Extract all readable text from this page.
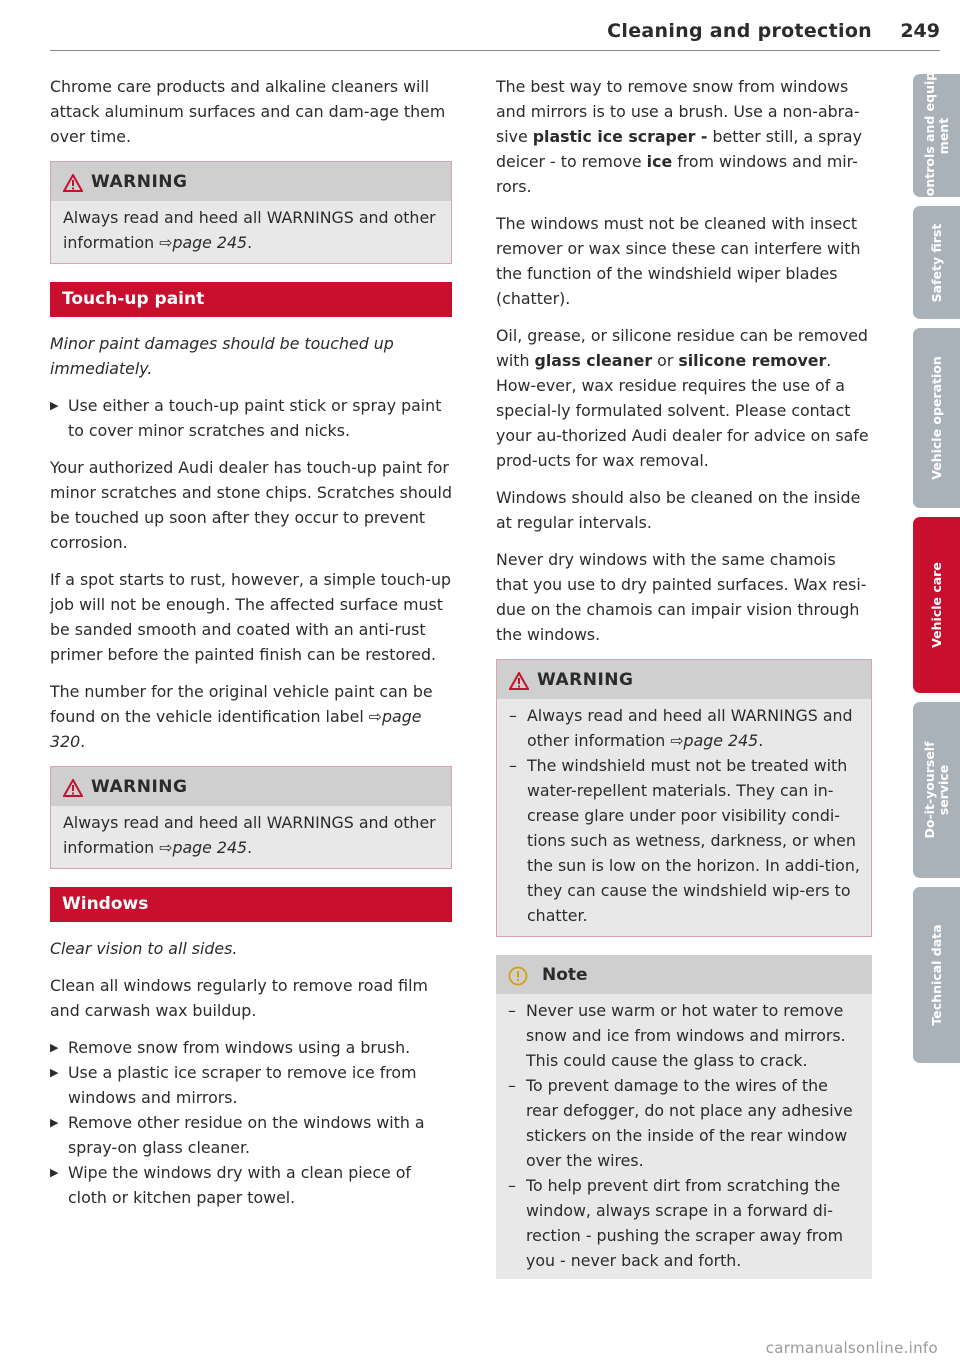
Cleaning and protection 249

Chrome care products and alkaline cleaners will attack aluminum surfaces and can dam-age them over time.

WARNING
Always read and heed all WARNINGS and other information ⇨page 245.
Touch-up paint

Minor paint damages should be touched up immediately.

▶ Use either a touch-up paint stick or spray paint to cover minor scratches and nicks.

Your authorized Audi dealer has touch-up paint for minor scratches and stone chips. Scratches should be touched up soon after they occur to prevent corrosion.

If a spot starts to rust, however, a simple touch-up job will not be enough. The affected surface must be sanded smooth and coated with an anti-rust primer before the painted finish can be restored.

The number for the original vehicle paint can be found on the vehicle identification label ⇨page 320.

WARNING
Always read and heed all WARNINGS and other information ⇨page 245.
Windows

Clear vision to all sides.

Clean all windows regularly to remove road film and carwash wax buildup.

▶ Remove snow from windows using a brush.
▶ Use a plastic ice scraper to remove ice from windows and mirrors.
▶ Remove other residue on the windows with a spray-on glass cleaner.
▶ Wipe the windows dry with a clean piece of cloth or kitchen paper towel.

The best way to remove snow from windows and mirrors is to use a brush. Use a non-abra-sive plastic ice scraper - better still, a spray deicer - to remove ice from windows and mir-rors.

The windows must not be cleaned with insect remover or wax since these can interfere with the function of the windshield wiper blades (chatter).

Oil, grease, or silicone residue can be removed with glass cleaner or silicone remover. How-ever, wax residue requires the use of a special-ly formulated solvent. Please contact your au-thorized Audi dealer for advice on safe prod-ucts for wax removal.

Windows should also be cleaned on the inside at regular intervals.

Never dry windows with the same chamois that you use to dry painted surfaces. Wax resi-due on the chamois can impair vision through the windows.

WARNING
– Always read and heed all WARNINGS and other information ⇨page 245.
– The windshield must not be treated with water-repellent materials. They can in-crease glare under poor visibility condi-tions such as wetness, darkness, or when the sun is low on the horizon. In addi-tion, they can cause the windshield wip-ers to chatter.
Note
– Never use warm or hot water to remove snow and ice from windows and mirrors. This could cause the glass to crack.
– To prevent damage to the wires of the rear defogger, do not place any adhesive stickers on the inside of the rear window over the wires.
– To help prevent dirt from scratching the window, always scrape in a forward di-rection - pushing the scraper away from you - never back and forth.
Controls and equip-
ment
Safety first
Vehicle operation
Vehicle care
Do-it-yourself
service
Technical data
carmanualsonline.info
